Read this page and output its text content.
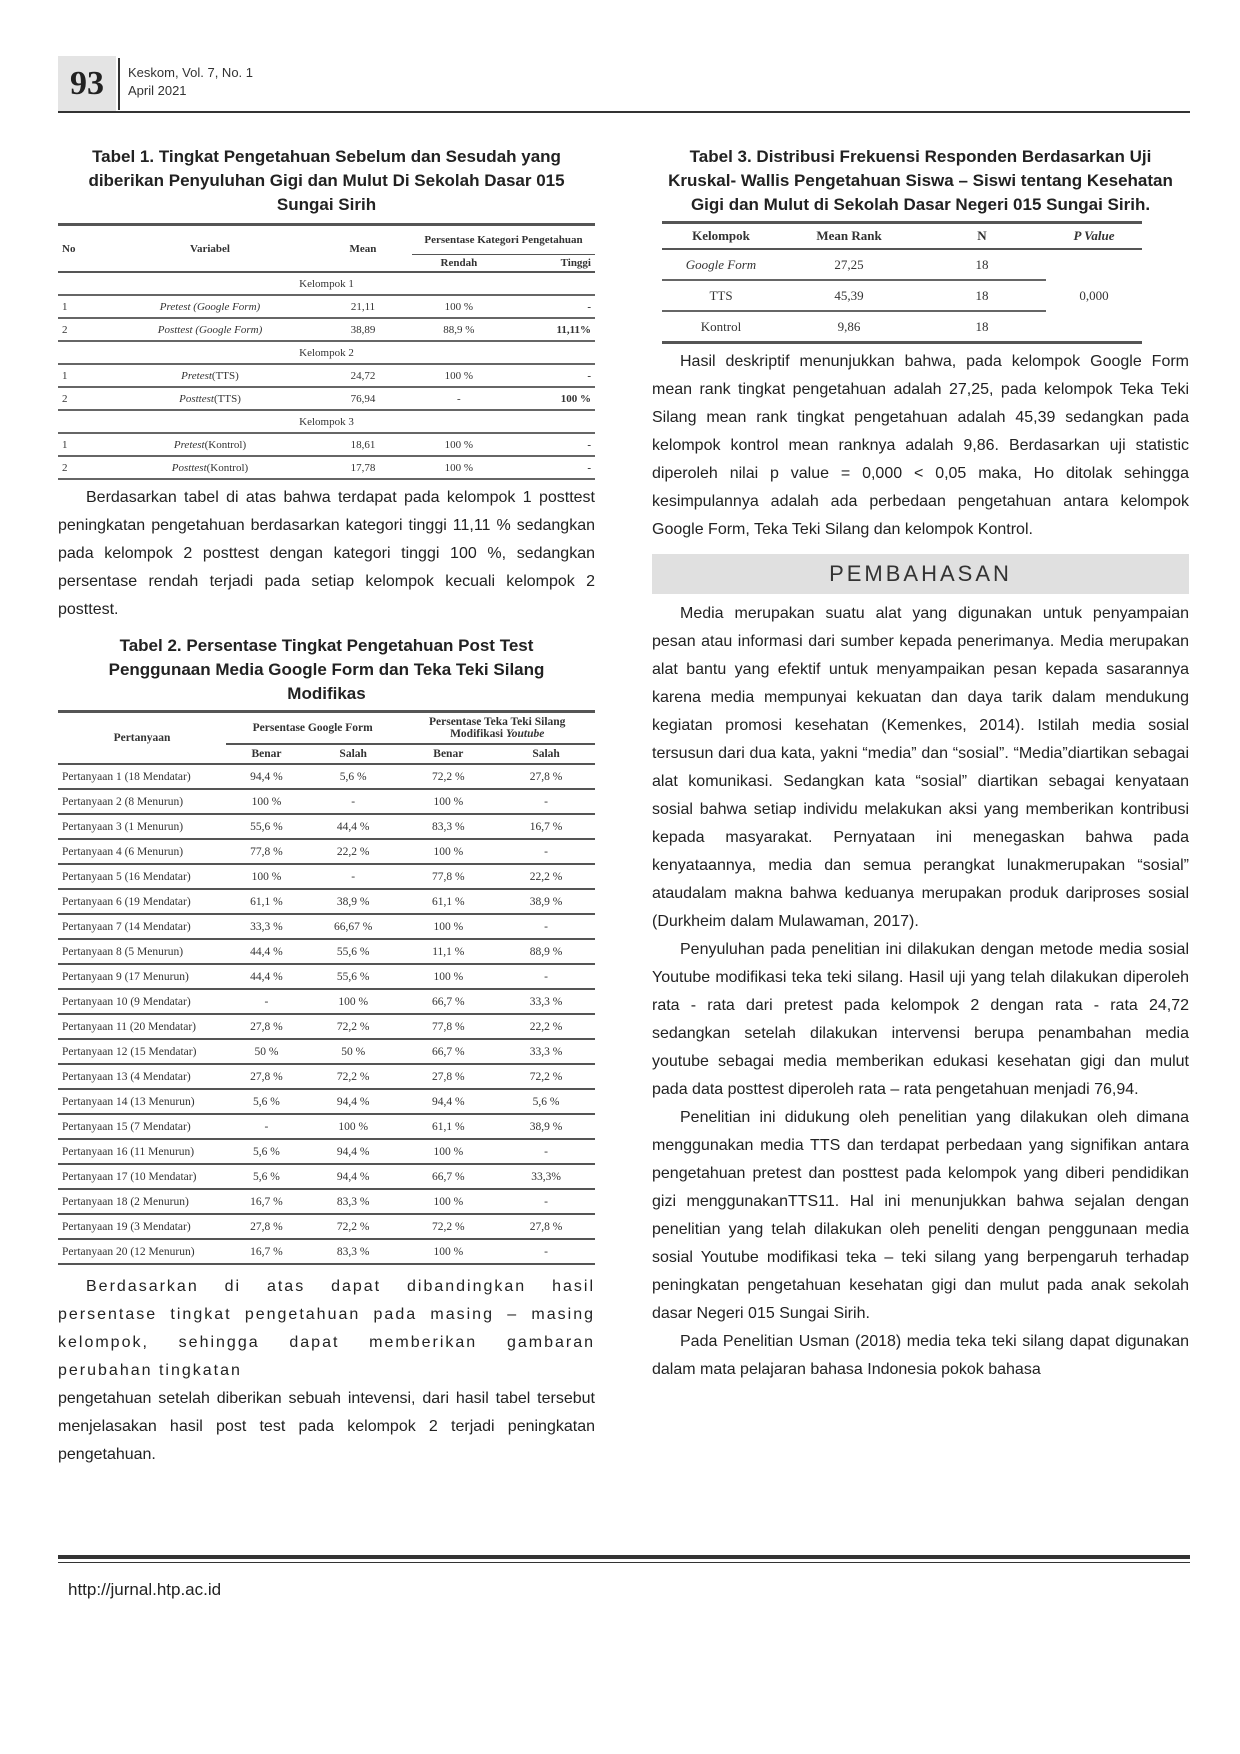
93	Keskom, Vol. 7, No. 1
April 2021
Tabel 1. Tingkat Pengetahuan Sebelum dan Sesudah yang diberikan Penyuluhan Gigi dan Mulut Di Sekolah Dasar 015 Sungai Sirih
No	Variabel	Mean	Persentase Kategori Pengetahuan	
			Rendah	Tinggi
Kelompok 1				
1	Pretest (Google Form)	21,11	100 %	-
2	Posttest (Google Form)	38,89	88,9 %	11,11%
Kelompok 2				
1	Pretest(TTS)	24,72	100 %	-
2	Posttest(TTS)	76,94	-	100 %
Kelompok 3				
1	Pretest(Kontrol)	18,61	100 %	-
2	Posttest(Kontrol)	17,78	100 %	-

Berdasarkan tabel di atas bahwa terdapat pada kelompok 1 posttest peningkatan pengetahuan berdasarkan kategori tinggi 11,11 % sedangkan pada kelompok 2 posttest dengan kategori tinggi 100 %, sedangkan persentase rendah terjadi pada setiap kelompok kecuali kelompok 2 posttest.

Tabel 2. Persentase Tingkat Pengetahuan Post Test Penggunaan Media Google Form dan Teka Teki Silang Modifikas
Pertanyaan	Persentase Google Form		Persentase Teka Teki Silang
Modifikasi Youtube	

	Benar	Salah	Benar	Salah
Pertanyaan 1 (18 Mendatar)	94,4 %	5,6 %	72,2 %	27,8 %
Pertanyaan 2 (8 Menurun)	100 %	-	100 %	-
Pertanyaan 3 (1 Menurun)	55,6 %	44,4 %	83,3 %	16,7 %
Pertanyaan 4 (6 Menurun)	77,8 %	22,2 %	100 %	-
Pertanyaan 5 (16 Mendatar)	100 %	-	77,8 %	22,2 %
Pertanyaan 6 (19 Mendatar)	61,1 %	38,9 %	61,1 %	38,9 %
Pertanyaan 7 (14 Mendatar)	33,3 %	66,67 %	100 %	-
Pertanyaan 8 (5 Menurun)	44,4 %	55,6 %	11,1 %	88,9 %
Pertanyaan 9 (17 Menurun)	44,4 %	55,6 %	100 %	-
Pertanyaan 10 (9 Mendatar)	-	100 %	66,7 %	33,3 %
Pertanyaan 11 (20 Mendatar)	27,8 %	72,2 %	77,8 %	22,2 %
Pertanyaan 12 (15 Mendatar)	50 %	50 %	66,7 %	33,3 %
Pertanyaan 13 (4 Mendatar)	27,8 %	72,2 %	27,8 %	72,2 %
Pertanyaan 14 (13 Menurun)	5,6 %	94,4 %	94,4 %	5,6 %
Pertanyaan 15 (7 Mendatar)	-	100 %	61,1 %	38,9 %
Pertanyaan 16 (11 Menurun)	5,6 %	94,4 %	100 %	-
Pertanyaan 17 (10 Mendatar)	5,6 %	94,4 %	66,7 %	33,3%
Pertanyaan 18 (2 Menurun)	16,7 %	83,3 %	100 %	-
Pertanyaan 19 (3 Mendatar)	27,8 %	72,2 %	72,2 %	27,8 %
Pertanyaan 20 (12 Menurun)	16,7 %	83,3 %	100 %	-

Berdasarkan di atas dapat dibandingkan hasil persentase tingkat pengetahuan pada masing – masing kelompok, sehingga dapat memberikan gambaran perubahan tingkatan

pengetahuan setelah diberikan sebuah intevensi, dari hasil tabel tersebut menjelasakan hasil post test pada kelompok 2 terjadi peningkatan pengetahuan.

Tabel 3. Distribusi Frekuensi Responden Berdasarkan Uji Kruskal- Wallis Pengetahuan Siswa – Siswi tentang Kesehatan Gigi dan Mulut di Sekolah Dasar Negeri 015 Sungai Sirih.
Kelompok	Mean Rank	N	P Value
Google Form	27,25	18	0,000
TTS	45,39	18	
Kontrol	9,86	18	

Hasil deskriptif menunjukkan bahwa, pada kelompok Google Form mean rank tingkat pengetahuan adalah 27,25, pada kelompok Teka Teki Silang mean rank tingkat pengetahuan adalah 45,39 sedangkan pada kelompok kontrol mean ranknya adalah 9,86. Berdasarkan uji statistic diperoleh nilai p value = 0,000 < 0,05 maka, Ho ditolak sehingga kesimpulannya adalah ada perbedaan pengetahuan antara kelompok Google Form, Teka Teki Silang dan kelompok Kontrol.

PEMBAHASAN

Media merupakan suatu alat yang digunakan untuk penyampaian pesan atau informasi dari sumber kepada penerimanya. Media merupakan alat bantu yang efektif untuk menyampaikan pesan kepada sasarannya karena media mempunyai kekuatan dan daya tarik dalam mendukung kegiatan promosi kesehatan (Kemenkes, 2014). Istilah media sosial tersusun dari dua kata, yakni “media” dan “sosial”. “Media”diartikan sebagai alat komunikasi. Sedangkan kata “sosial” diartikan sebagai kenyataan sosial bahwa setiap individu melakukan aksi yang memberikan kontribusi kepada masyarakat. Pernyataan ini menegaskan bahwa pada kenyataannya, media dan semua perangkat lunakmerupakan “sosial” ataudalam makna bahwa keduanya merupakan produk dariproses sosial (Durkheim dalam Mulawaman, 2017).

Penyuluhan pada penelitian ini dilakukan dengan metode media sosial Youtube modifikasi teka teki silang. Hasil uji yang telah dilakukan diperoleh rata - rata dari pretest pada kelompok 2 dengan rata - rata 24,72 sedangkan setelah dilakukan intervensi berupa penambahan media youtube sebagai media memberikan edukasi kesehatan gigi dan mulut pada data posttest diperoleh rata – rata pengetahuan menjadi 76,94.

Penelitian ini didukung oleh penelitian yang dilakukan oleh dimana menggunakan media TTS dan terdapat perbedaan yang signifikan antara pengetahuan pretest dan posttest pada kelompok yang diberi pendidikan gizi menggunakanTTS11. Hal ini menunjukkan bahwa sejalan dengan penelitian yang telah dilakukan oleh peneliti dengan penggunaan media sosial Youtube modifikasi teka – teki silang yang berpengaruh terhadap peningkatan pengetahuan kesehatan gigi dan mulut pada anak sekolah dasar Negeri 015 Sungai Sirih.

Pada Penelitian Usman (2018) media teka teki silang dapat digunakan dalam mata pelajaran bahasa Indonesia pokok bahasa

http://jurnal.htp.ac.id
